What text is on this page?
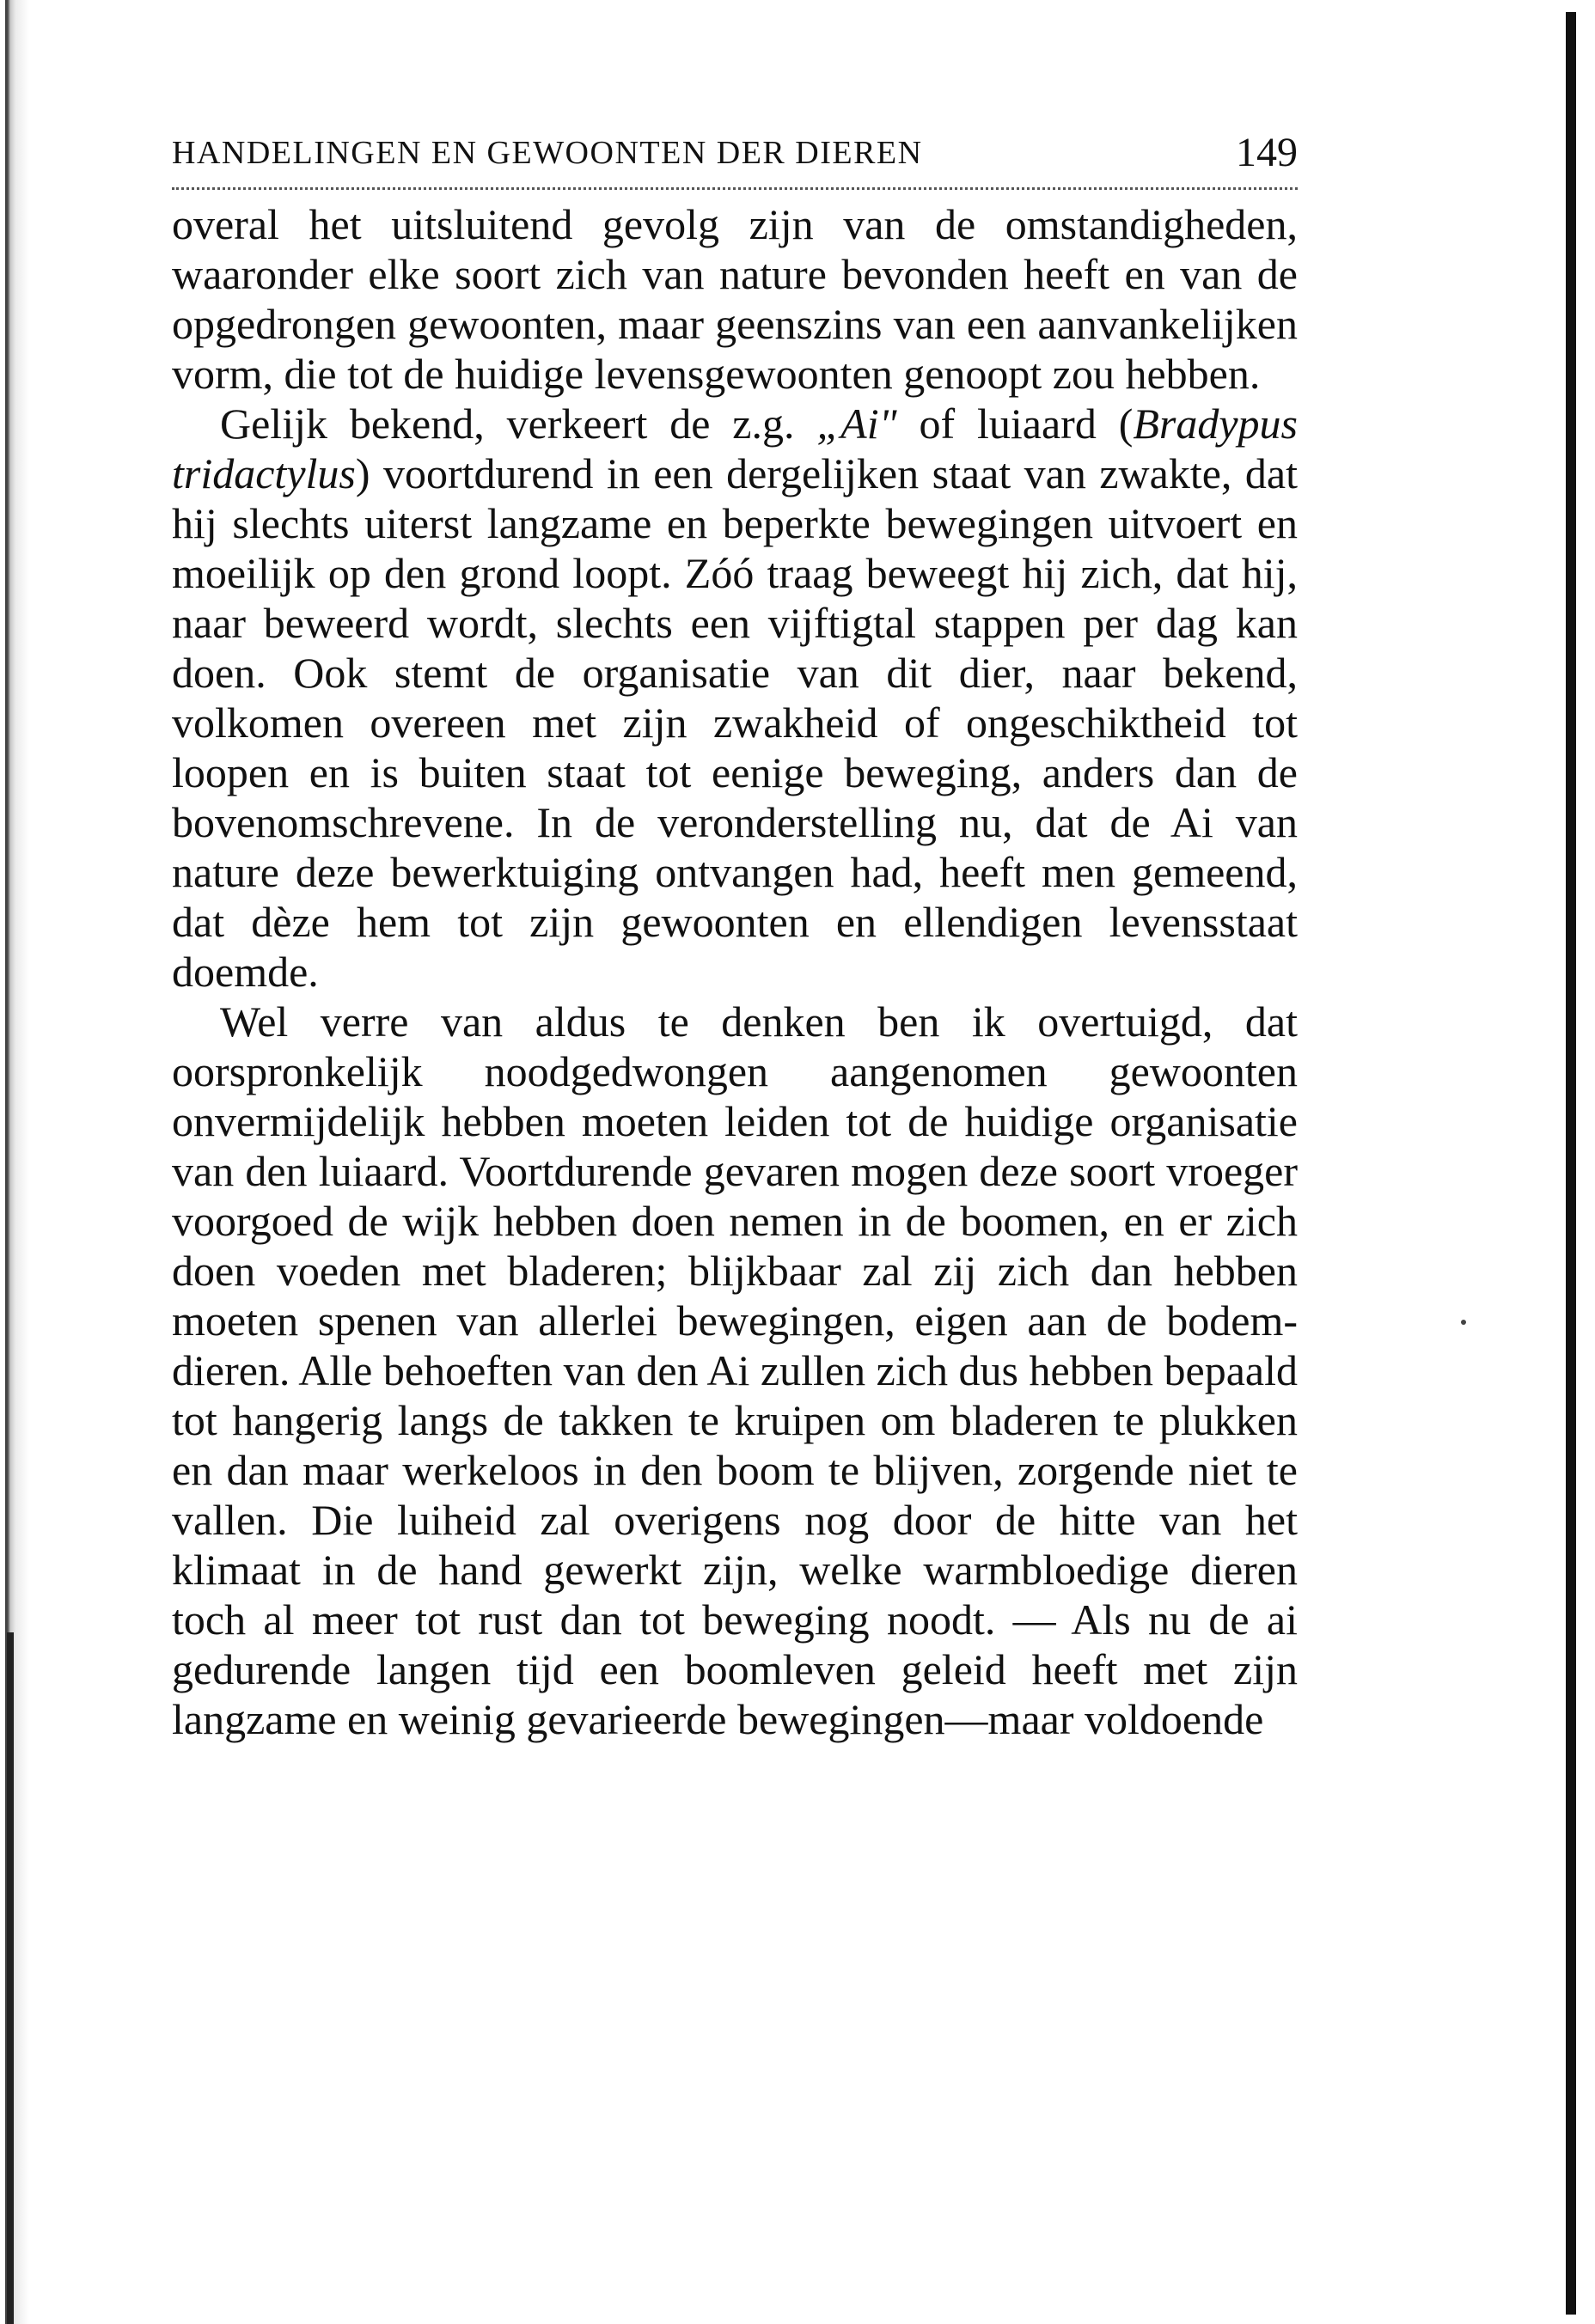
HANDELINGEN EN GEWOONTEN DER DIEREN	149

overal het uitsluitend gevolg zijn van de omstandigheden, waaronder elke soort zich van nature bevonden heeft en van de opgedrongen gewoonten, maar geenszins van een aanvankelijken vorm, die tot de huidige levensgewoonten genoopt zou hebben.

Gelijk bekend, verkeert de z.g. „Ai" of luiaard (Bradypus tridactylus) voortdurend in een dergelijken staat van zwakte, dat hij slechts uiterst langzame en beperkte bewegingen uitvoert en moeilijk op den grond loopt. Zóó traag beweegt hij zich, dat hij, naar beweerd wordt, slechts een vijftigtal stappen per dag kan doen. Ook stemt de organisatie van dit dier, naar bekend, volkomen overeen met zijn zwakheid of ongeschiktheid tot loopen en is buiten staat tot eenige beweging, anders dan de bovenomschrevene. In de veronderstelling nu, dat de Ai van nature deze bewerktuiging ontvangen had, heeft men gemeend, dat dèze hem tot zijn gewoonten en ellendigen levensstaat doemde.

Wel verre van aldus te denken ben ik overtuigd, dat oorspronkelijk noodgedwongen aangenomen gewoonten onvermijdelijk hebben moeten leiden tot de huidige organisatie van den luiaard. Voortdurende gevaren mogen deze soort vroeger voorgoed de wijk hebben doen nemen in de boomen, en er zich doen voeden met bladeren; blijkbaar zal zij zich dan hebben moeten spenen van allerlei bewegingen, eigen aan de bodem-dieren. Alle behoeften van den Ai zullen zich dus hebben bepaald tot hangerig langs de takken te kruipen om bladeren te plukken en dan maar werkeloos in den boom te blijven, zorgende niet te vallen. Die luiheid zal overigens nog door de hitte van het klimaat in de hand gewerkt zijn, welke warmbloedige dieren toch al meer tot rust dan tot beweging noodt. — Als nu de ai gedurende langen tijd een boomleven geleid heeft met zijn langzame en weinig gevarieerde bewegingen—maar voldoende
